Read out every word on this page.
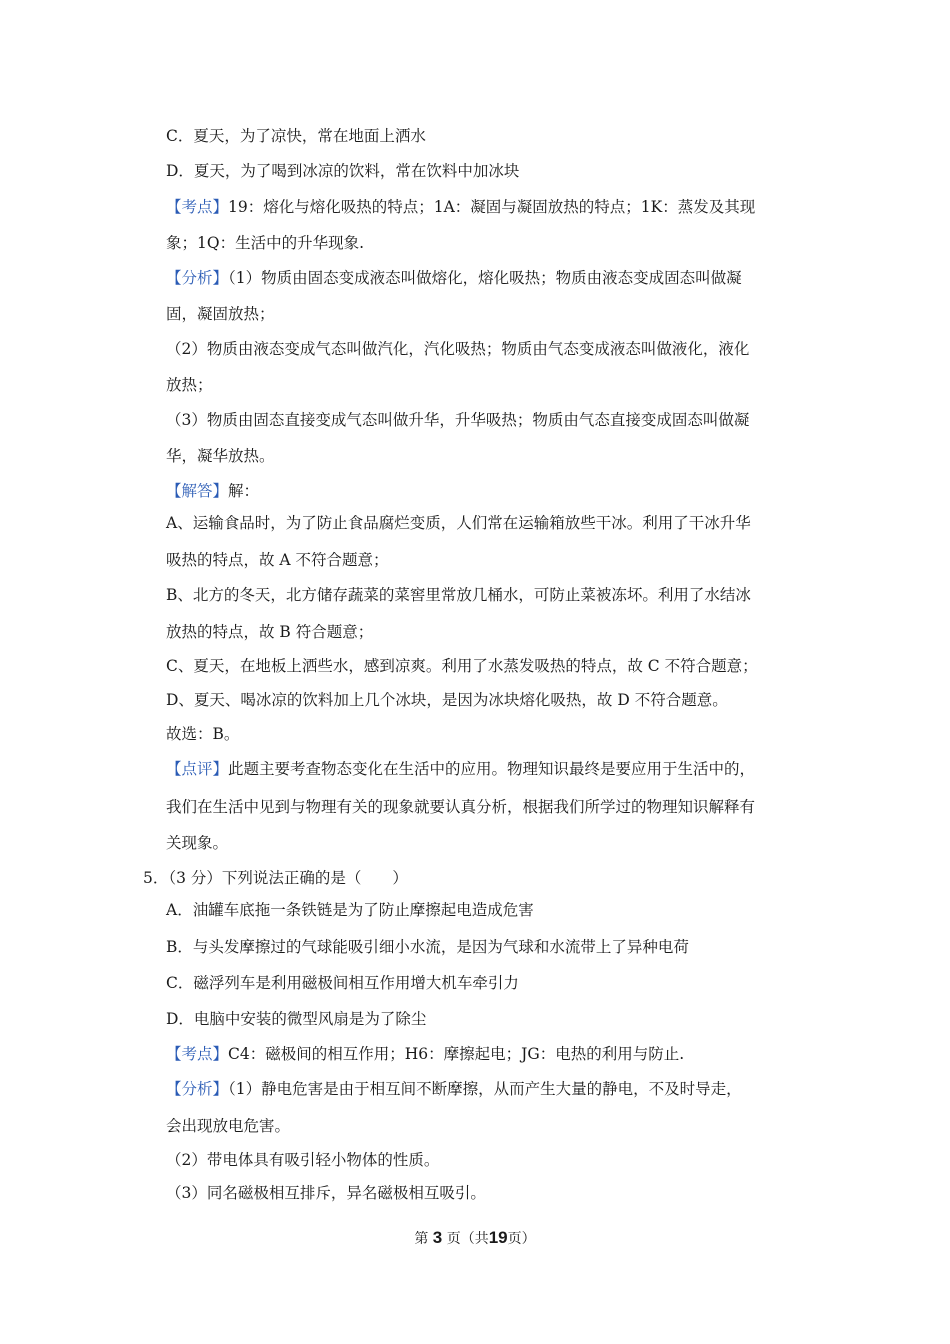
C．夏天，为了凉快，常在地面上洒水
D．夏天，为了喝到冰凉的饮料，常在饮料中加冰块
【考点】19：熔化与熔化吸热的特点；1A：凝固与凝固放热的特点；1K：蒸发及其现
象；1Q：生活中的升华现象.
【分析】（1）物质由固态变成液态叫做熔化，熔化吸热；物质由液态变成固态叫做凝
固，凝固放热；
（2）物质由液态变成气态叫做汽化，汽化吸热；物质由气态变成液态叫做液化，液化
放热；
（3）物质由固态直接变成气态叫做升华，升华吸热；物质由气态直接变成固态叫做凝
华，凝华放热。
【解答】解：
A、运输食品时，为了防止食品腐烂变质，人们常在运输箱放些干冰。利用了干冰升华
吸热的特点，故 A 不符合题意；
B、北方的冬天，北方储存蔬菜的菜窖里常放几桶水，可防止菜被冻坏。利用了水结冰
放热的特点，故 B 符合题意；
C、夏天，在地板上洒些水，感到凉爽。利用了水蒸发吸热的特点，故 C 不符合题意；
D、夏天、喝冰凉的饮料加上几个冰块，是因为冰块熔化吸热，故 D 不符合题意。
故选：B。
【点评】此题主要考查物态变化在生活中的应用。物理知识最终是要应用于生活中的，
我们在生活中见到与物理有关的现象就要认真分析，根据我们所学过的物理知识解释有
关现象。
5．（3 分）下列说法正确的是（　　）
A．油罐车底拖一条铁链是为了防止摩擦起电造成危害
B．与头发摩擦过的气球能吸引细小水流，是因为气球和水流带上了异种电荷
C．磁浮列车是利用磁极间相互作用增大机车牵引力
D．电脑中安装的微型风扇是为了除尘
【考点】C4：磁极间的相互作用；H6：摩擦起电；JG：电热的利用与防止.
【分析】（1）静电危害是由于相互间不断摩擦，从而产生大量的静电，不及时导走，
会出现放电危害。
（2）带电体具有吸引轻小物体的性质。
（3）同名磁极相互排斥，异名磁极相互吸引。
第 3 页（共19页）
